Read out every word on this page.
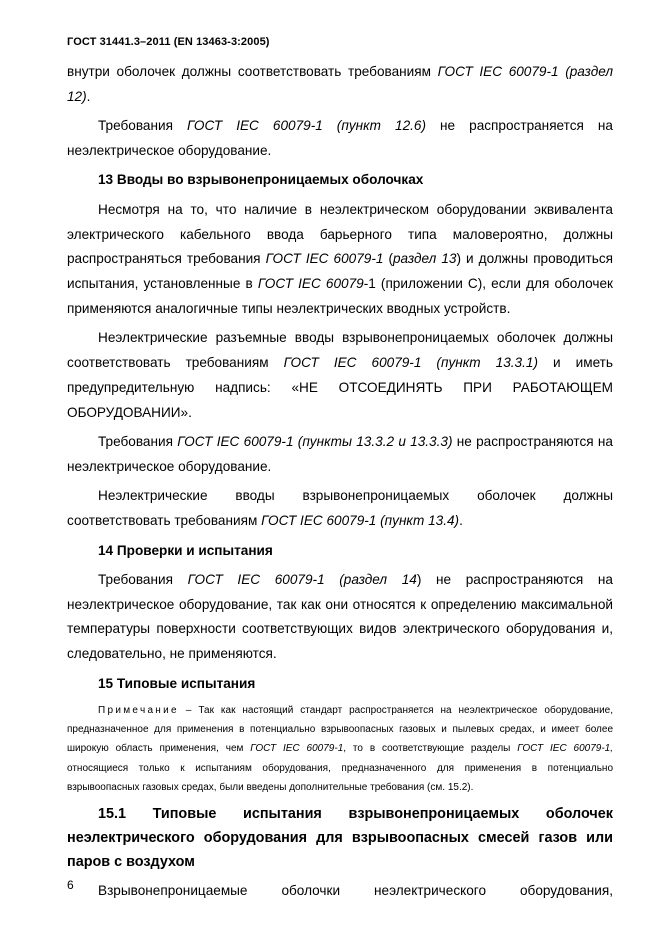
ГОСТ 31441.3–2011 (EN 13463-3:2005)

внутри оболочек должны соответствовать требованиям ГОСТ IEC 60079-1 (раздел 12).

Требования ГОСТ IEC 60079-1 (пункт 12.6) не распространяется на неэлектрическое оборудование.

13 Вводы во взрывонепроницаемых оболочках

Несмотря на то, что наличие в неэлектрическом оборудовании эквивалента электрического кабельного ввода барьерного типа маловероятно, должны распространяться требования ГОСТ IEC 60079-1 (раздел 13) и должны проводиться испытания, установленные в ГОСТ IEC 60079-1 (приложении С), если для оболочек применяются аналогичные типы неэлектрических вводных устройств.

Неэлектрические разъемные вводы взрывонепроницаемых оболочек должны соответствовать требованиям ГОСТ IEC 60079-1 (пункт 13.3.1) и иметь предупредительную надпись: «НЕ ОТСОЕДИНЯТЬ ПРИ РАБОТАЮЩЕМ ОБОРУДОВАНИИ».

Требования ГОСТ IEC 60079-1 (пункты 13.3.2 и 13.3.3) не распространяются на неэлектрическое оборудование.

Неэлектрические вводы взрывонепроницаемых оболочек должны соответствовать требованиям ГОСТ IEC 60079-1 (пункт 13.4).

14 Проверки и испытания

Требования ГОСТ IEC 60079-1 (раздел 14) не распространяются на неэлектрическое оборудование, так как они относятся к определению максимальной температуры поверхности соответствующих видов электрического оборудования и, следовательно, не применяются.

15 Типовые испытания

Примечание – Так как настоящий стандарт распространяется на неэлектрическое оборудование, предназначенное для применения в потенциально взрывоопасных газовых и пылевых средах, и имеет более широкую область применения, чем ГОСТ IEC 60079-1, то в соответствующие разделы ГОСТ IEC 60079-1, относящиеся только к испытаниям оборудования, предназначенного для применения в потенциально взрывоопасных газовых средах, были введены дополнительные требования (см. 15.2).

15.1 Типовые испытания взрывонепроницаемых оболочек неэлектрического оборудования для взрывоопасных смесей газов или паров с воздухом

Взрывонепроницаемые оболочки неэлектрического оборудования,

6
